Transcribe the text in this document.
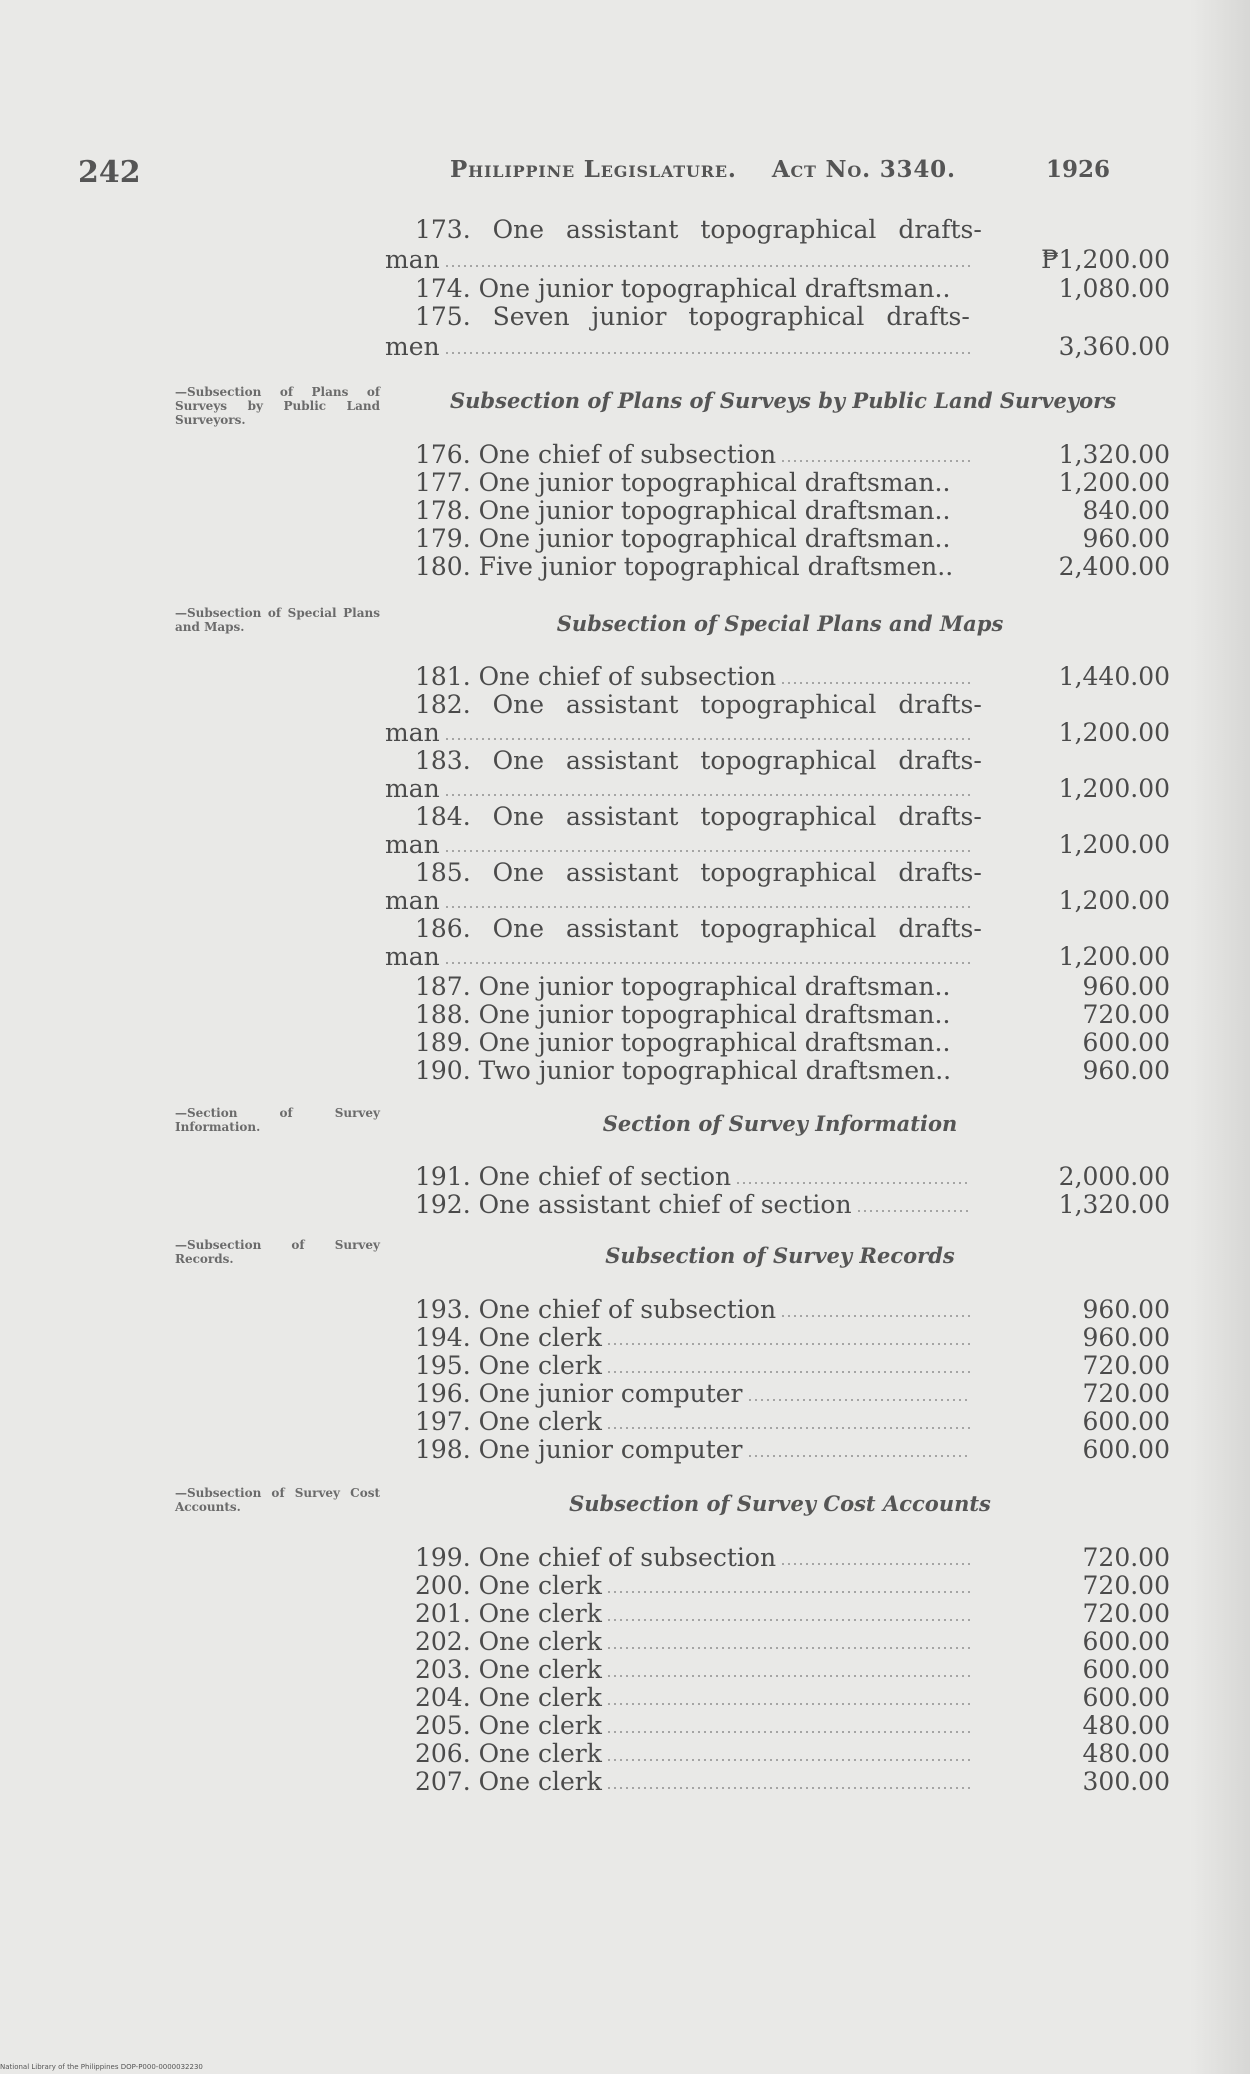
242	Philippine Legislature. Act No. 3340.	1926
173. One assistant topographical drafts-
man	₱1,200.00
174. One junior topographical draftsman..	1,080.00
175. Seven junior topographical drafts-
men	3,360.00
Subsection of Plans of Surveys by Public Land Surveyors
—Subsection of Plans of Surveys by Public Land Surveyors.
176. One chief of subsection	1,320.00
177. One junior topographical draftsman..	1,200.00
178. One junior topographical draftsman..	840.00
179. One junior topographical draftsman..	960.00
180. Five junior topographical draftsmen..	2,400.00
Subsection of Special Plans and Maps
—Subsection of Special Plans and Maps.
181. One chief of subsection	1,440.00
182. One assistant topographical drafts-
man	1,200.00
183. One assistant topographical drafts-
man	1,200.00
184. One assistant topographical drafts-
man	1,200.00
185. One assistant topographical drafts-
man	1,200.00
186. One assistant topographical drafts-
man	1,200.00
187. One junior topographical draftsman..	960.00
188. One junior topographical draftsman..	720.00
189. One junior topographical draftsman..	600.00
190. Two junior topographical draftsmen..	960.00
Section of Survey Information
—Section of Survey Information.
191. One chief of section	2,000.00
192. One assistant chief of section	1,320.00
Subsection of Survey Records
—Subsection of Survey Records.
193. One chief of subsection	960.00
194. One clerk	960.00
195. One clerk	720.00
196. One junior computer	720.00
197. One clerk	600.00
198. One junior computer	600.00
Subsection of Survey Cost Accounts
—Subsection of Survey Cost Accounts.
199. One chief of subsection	720.00
200. One clerk	720.00
201. One clerk	720.00
202. One clerk	600.00
203. One clerk	600.00
204. One clerk	600.00
205. One clerk	480.00
206. One clerk	480.00
207. One clerk	300.00
National Library of the Philippines DOP-P000-0000032230
